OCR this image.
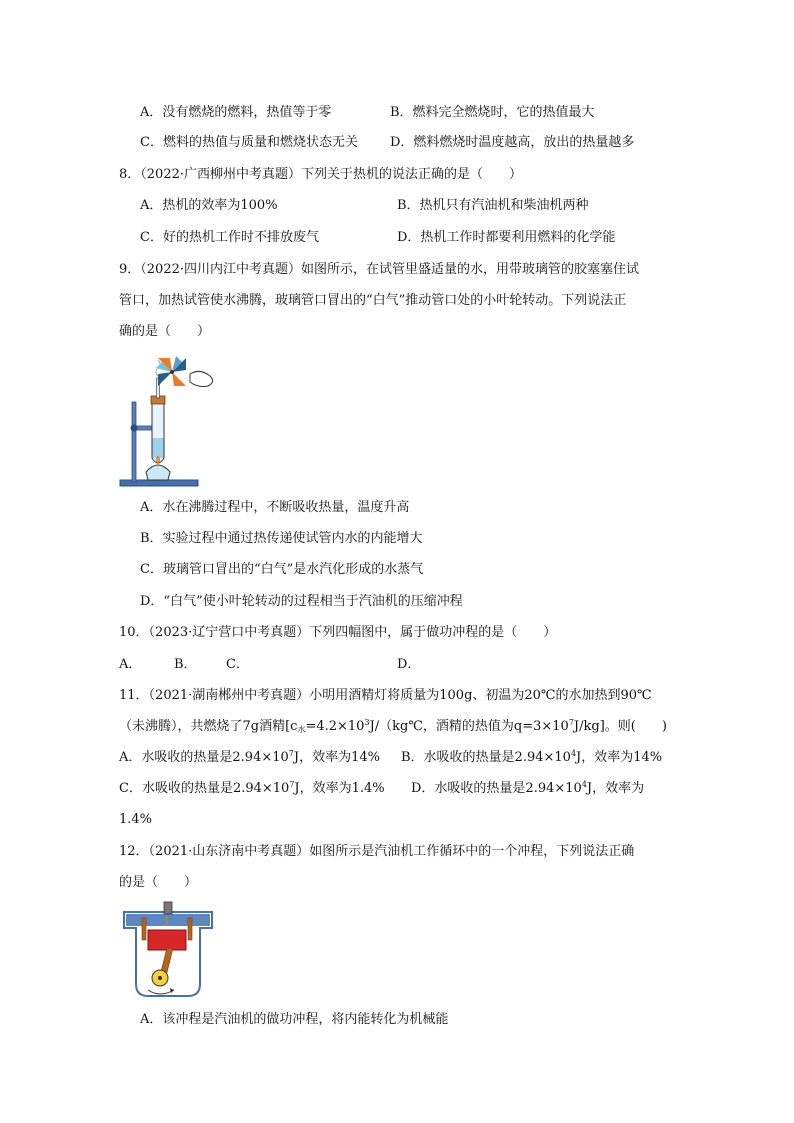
A．没有燃烧的燃料，热值等于零	B．燃料完全燃烧时，它的热值最大
C．燃料的热值与质量和燃烧状态无关 D．燃料燃烧时温度越高，放出的热量越多
8．（2022·广西柳州中考真题）下列关于热机的说法正确的是（　　）
A．热机的效率为100%	B．热机只有汽油机和柴油机两种
C．好的热机工作时不排放废气	D．热机工作时都要利用燃料的化学能
9．（2022·四川内江中考真题）如图所示，在试管里盛适量的水，用带玻璃管的胶塞塞住试
管口，加热试管使水沸腾，玻璃管口冒出的“白气”推动管口处的小叶轮转动。下列说法正
确的是（　　）
A．水在沸腾过程中，不断吸收热量，温度升高
B．实验过程中通过热传递使试管内水的内能增大
C．玻璃管口冒出的“白气”是水汽化形成的水蒸气
D．“白气”使小叶轮转动的过程相当于汽油机的压缩冲程
10．（2023·辽宁营口中考真题）下列四幅图中，属于做功冲程的是（　　）
A．	B． C．	D．
11．（2021·湖南郴州中考真题）小明用酒精灯将质量为100g、初温为20℃的水加热到90℃
（未沸腾），共燃烧了7g酒精[$c_水=4.2\times 10^3J/(kg℃$，酒精的热值为$q=3\times 10^7J/kg$]。则(　　)
A．水吸收的热量是$2.94\times 10^7J$，效率为14% B．水吸收的热量是$2.94\times 10^4J$，效率为14%
C．水吸收的热量是$2.94\times 10^7J$，效率为1.4% D．水吸收的热量是$2.94\times 10^4J$，效率为
1.4%
12．（2021·山东济南中考真题）如图所示是汽油机工作循环中的一个冲程，下列说法正确
的是（　　）
A．该冲程是汽油机的做功冲程，将内能转化为机械能
